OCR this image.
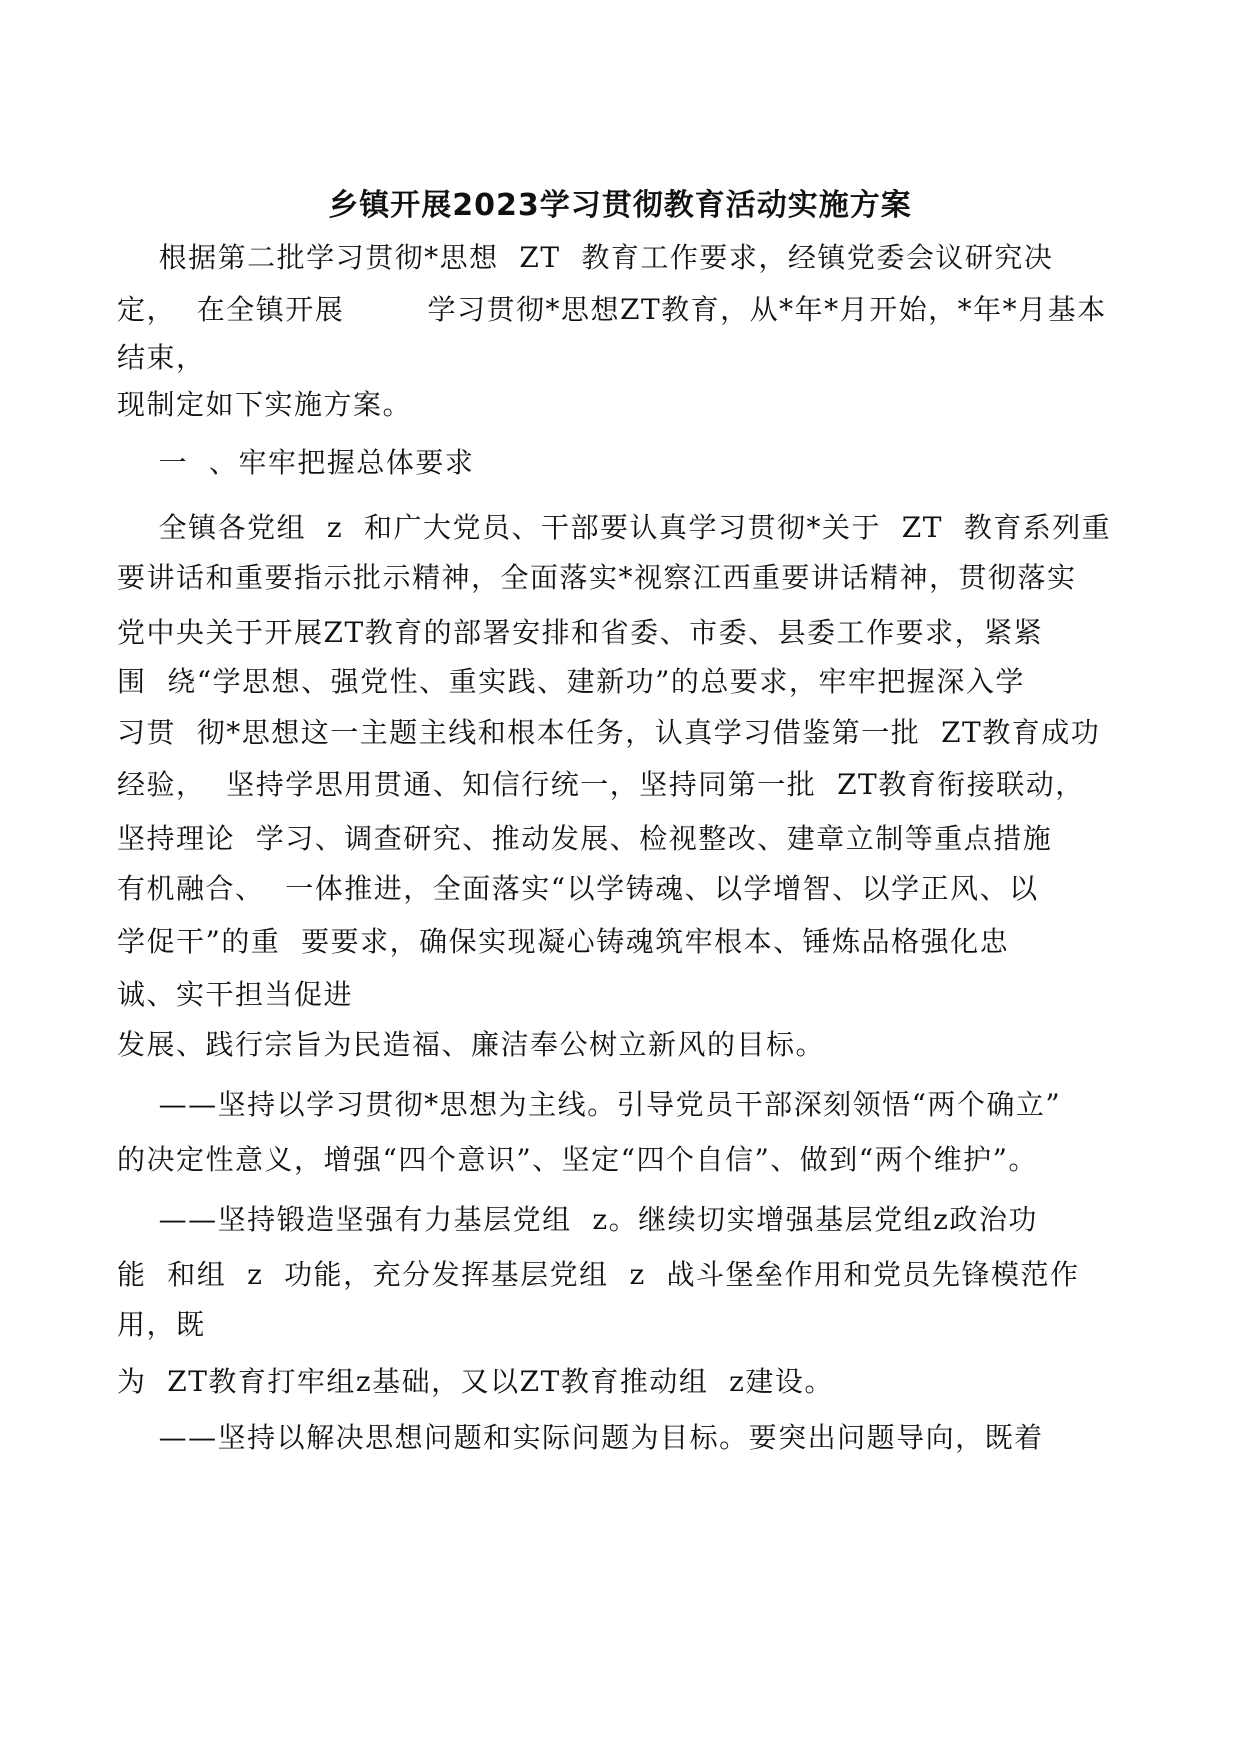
乡镇开展2023学习贯彻教育活动实施方案
根据第二批学习贯彻*思想  ZT  教育工作要求，经镇党委会议研究决
定，  在全镇开展        学习贯彻*思想ZT教育，从*年*月开始，*年*月基本
结束，
现制定如下实施方案。
一  、牢牢把握总体要求
全镇各党组  z  和广大党员、干部要认真学习贯彻*关于  ZT  教育系列重
要讲话和重要指示批示精神，全面落实*视察江西重要讲话精神，贯彻落实
党中央关于开展ZT教育的部署安排和省委、市委、县委工作要求，紧紧
围  绕“学思想、强党性、重实践、建新功”的总要求，牢牢把握深入学
习贯  彻*思想这一主题主线和根本任务，认真学习借鉴第一批  ZT教育成功
经验，  坚持学思用贯通、知信行统一，坚持同第一批  ZT教育衔接联动，
坚持理论  学习、调查研究、推动发展、检视整改、建章立制等重点措施
有机融合、  一体推进，全面落实“以学铸魂、以学增智、以学正风、以
学促干”的重  要要求，确保实现凝心铸魂筑牢根本、锤炼品格强化忠
诚、实干担当促进
发展、践行宗旨为民造福、廉洁奉公树立新风的目标。
——坚持以学习贯彻*思想为主线。引导党员干部深刻领悟“两个确立”
的决定性意义，增强“四个意识”、坚定“四个自信”、做到“两个维护”。
——坚持锻造坚强有力基层党组  z。继续切实增强基层党组z政治功
能  和组  z  功能，充分发挥基层党组  z  战斗堡垒作用和党员先锋模范作
用，既
为  ZT教育打牢组z基础，又以ZT教育推动组  z建设。
——坚持以解决思想问题和实际问题为目标。要突出问题导向，既着
